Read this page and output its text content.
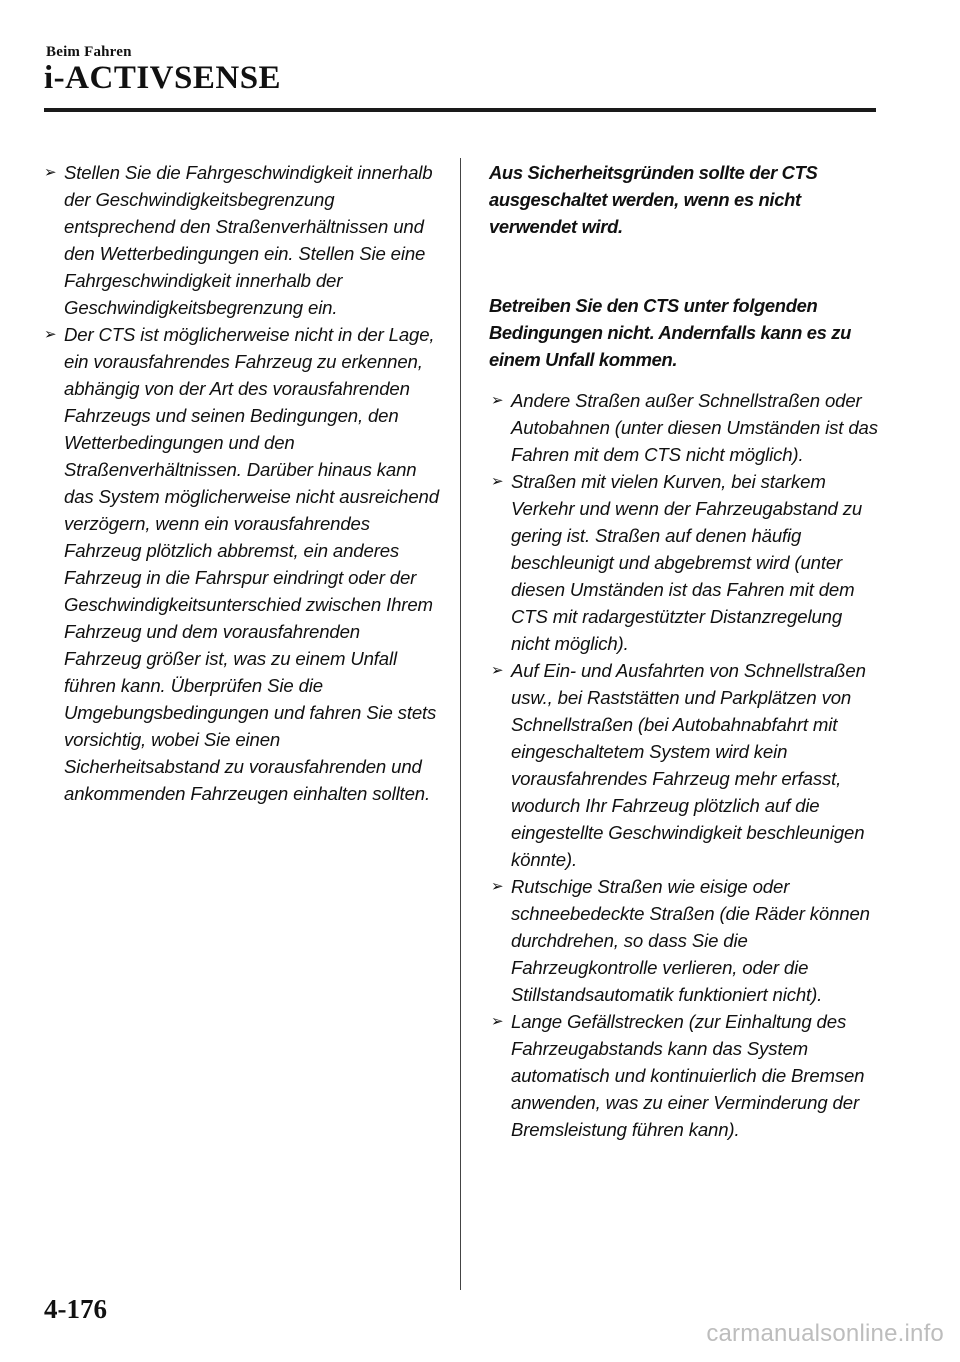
Beim Fahren
i-ACTIVSENSE
➢ Stellen Sie die Fahrgeschwindigkeit innerhalb der Geschwindigkeitsbegrenzung entsprechend den Straßenverhältnissen und den Wetterbedingungen ein. Stellen Sie eine Fahrgeschwindigkeit innerhalb der Geschwindigkeitsbegrenzung ein.
➢ Der CTS ist möglicherweise nicht in der Lage, ein vorausfahrendes Fahrzeug zu erkennen, abhängig von der Art des vorausfahrenden Fahrzeugs und seinen Bedingungen, den Wetterbedingungen und den Straßenverhältnissen. Darüber hinaus kann das System möglicherweise nicht ausreichend verzögern, wenn ein vorausfahrendes Fahrzeug plötzlich abbremst, ein anderes Fahrzeug in die Fahrspur eindringt oder der Geschwindigkeitsunterschied zwischen Ihrem Fahrzeug und dem vorausfahrenden Fahrzeug größer ist, was zu einem Unfall führen kann. Überprüfen Sie die Umgebungsbedingungen und fahren Sie stets vorsichtig, wobei Sie einen Sicherheitsabstand zu vorausfahrenden und ankommenden Fahrzeugen einhalten sollten.

Aus Sicherheitsgründen sollte der CTS ausgeschaltet werden, wenn es nicht verwendet wird.

Betreiben Sie den CTS unter folgenden Bedingungen nicht. Andernfalls kann es zu einem Unfall kommen.

➢ Andere Straßen außer Schnellstraßen oder Autobahnen (unter diesen Umständen ist das Fahren mit dem CTS nicht möglich).
➢ Straßen mit vielen Kurven, bei starkem Verkehr und wenn der Fahrzeugabstand zu gering ist. Straßen auf denen häufig beschleunigt und abgebremst wird (unter diesen Umständen ist das Fahren mit dem CTS mit radargestützter Distanzregelung nicht möglich).
➢ Auf Ein- und Ausfahrten von Schnellstraßen usw., bei Raststätten und Parkplätzen von Schnellstraßen (bei Autobahnabfahrt mit eingeschaltetem System wird kein vorausfahrendes Fahrzeug mehr erfasst, wodurch Ihr Fahrzeug plötzlich auf die eingestellte Geschwindigkeit beschleunigen könnte).
➢ Rutschige Straßen wie eisige oder schneebedeckte Straßen (die Räder können durchdrehen, so dass Sie die Fahrzeugkontrolle verlieren, oder die Stillstandsautomatik funktioniert nicht).
➢ Lange Gefällstrecken (zur Einhaltung des Fahrzeugabstands kann das System automatisch und kontinuierlich die Bremsen anwenden, was zu einer Verminderung der Bremsleistung führen kann).
4-176
carmanualsonline.info
